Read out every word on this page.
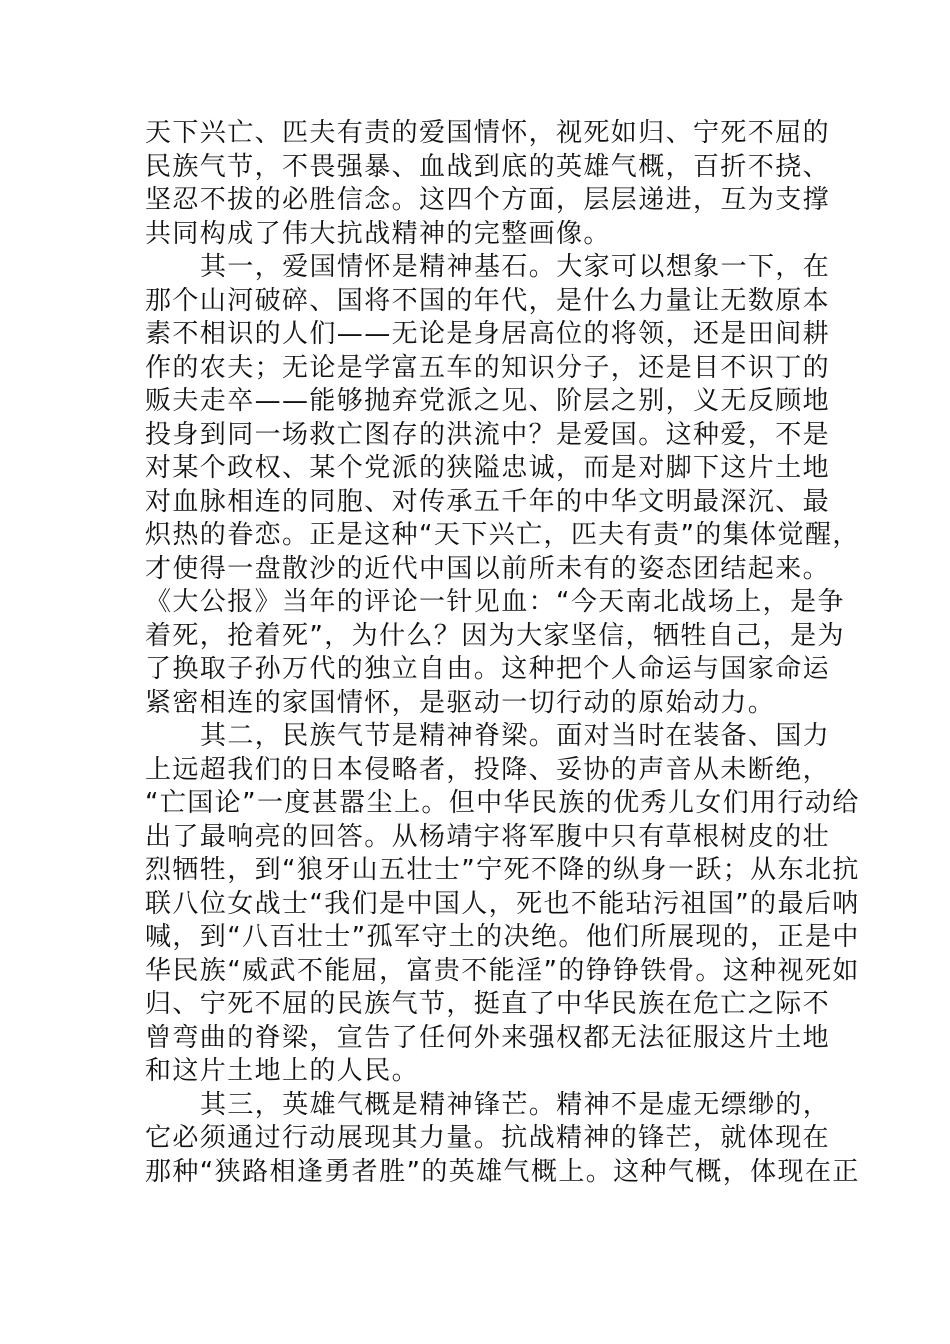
天下兴亡、匹夫有责的爱国情怀，视死如归、宁死不屈的
民族气节，不畏强暴、血战到底的英雄气概，百折不挠、
坚忍不拔的必胜信念。这四个方面，层层递进，互为支撑
共同构成了伟大抗战精神的完整画像。
其一，爱国情怀是精神基石。大家可以想象一下，在
那个山河破碎、国将不国的年代，是什么力量让无数原本
素不相识的人们——无论是身居高位的将领，还是田间耕
作的农夫；无论是学富五车的知识分子，还是目不识丁的
贩夫走卒——能够抛弃党派之见、阶层之别，义无反顾地
投身到同一场救亡图存的洪流中？是爱国。这种爱，不是
对某个政权、某个党派的狭隘忠诚，而是对脚下这片土地
对血脉相连的同胞、对传承五千年的中华文明最深沉、最
炽热的眷恋。正是这种“天下兴亡，匹夫有责”的集体觉醒，
才使得一盘散沙的近代中国以前所未有的姿态团结起来。
《大公报》当年的评论一针见血：“今天南北战场上，是争
着死，抢着死”，为什么？因为大家坚信，牺牲自己，是为
了换取子孙万代的独立自由。这种把个人命运与国家命运
紧密相连的家国情怀，是驱动一切行动的原始动力。
其二，民族气节是精神脊梁。面对当时在装备、国力
上远超我们的日本侵略者，投降、妥协的声音从未断绝，
“亡国论”一度甚嚣尘上。但中华民族的优秀儿女们用行动给
出了最响亮的回答。从杨靖宇将军腹中只有草根树皮的壮
烈牺牲，到“狼牙山五壮士”宁死不降的纵身一跃；从东北抗
联八位女战士“我们是中国人，死也不能玷污祖国”的最后呐
喊，到“八百壮士”孤军守土的决绝。他们所展现的，正是中
华民族“威武不能屈，富贵不能淫”的铮铮铁骨。这种视死如
归、宁死不屈的民族气节，挺直了中华民族在危亡之际不
曾弯曲的脊梁，宣告了任何外来强权都无法征服这片土地
和这片土地上的人民。
其三，英雄气概是精神锋芒。精神不是虚无缥缈的，
它必须通过行动展现其力量。抗战精神的锋芒，就体现在
那种“狭路相逢勇者胜”的英雄气概上。这种气概，体现在正
